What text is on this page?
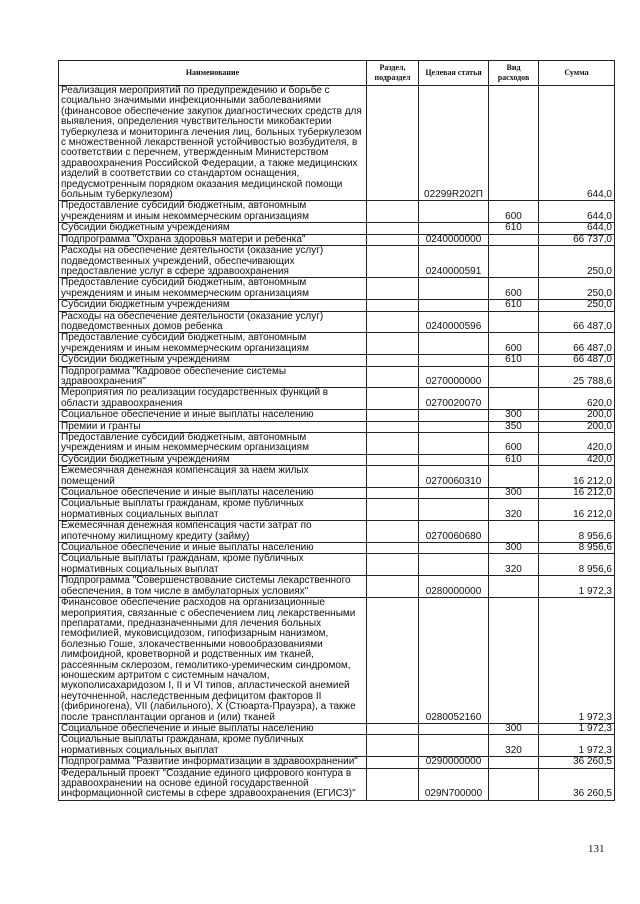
Наименование	Раздел, подраздел	Целевая статья	Вид расходов	Сумма
Реализация мероприятий по предупреждению и борьбе с социально значимыми инфекционными заболеваниями (финансовое обеспечение закупок диагностических средств для выявления, определения чувствительности микобактерии туберкулеза и мониторинга лечения лиц, больных туберкулезом с множественной лекарственной устойчивостью возбудителя, в соответствии с перечнем, утвержденным Министерством здравоохранения Российской Федерации, а также медицинских изделий в соответствии со стандартом оснащения, предусмотренным порядком оказания медицинской помощи больным туберкулезом)		02299R202П		644,0
Предоставление субсидий бюджетным, автономным учреждениям и иным некоммерческим организациям			600	644,0
Субсидии бюджетным учреждениям			610	644,0
Подпрограмма "Охрана здоровья матери и ребенка"		0240000000		66 737,0
Расходы на обеспечение деятельности (оказание услуг) подведомственных учреждений, обеспечивающих предоставление услуг в сфере здравоохранения		0240000591		250,0
Предоставление субсидий бюджетным, автономным учреждениям и иным некоммерческим организациям			600	250,0
Субсидии бюджетным учреждениям			610	250,0
Расходы на обеспечение деятельности (оказание услуг) подведомственных домов ребенка		0240000596		66 487,0
Предоставление субсидий бюджетным, автономным учреждениям и иным некоммерческим организациям			600	66 487,0
Субсидии бюджетным учреждениям			610	66 487,0
Подпрограмма "Кадровое обеспечение системы здравоохранения"		0270000000		25 788,6
Мероприятия по реализации государственных функций в области здравоохранения		0270020070		620,0
Социальное обеспечение и иные выплаты населению			300	200,0
Премии и гранты			350	200,0
Предоставление субсидий бюджетным, автономным учреждениям и иным некоммерческим организациям			600	420,0
Субсидии бюджетным учреждениям			610	420,0
Ежемесячная денежная компенсация за наем жилых помещений		0270060310		16 212,0
Социальное обеспечение и иные выплаты населению			300	16 212,0
Социальные выплаты гражданам, кроме публичных нормативных социальных выплат			320	16 212,0
Ежемесячная денежная компенсация части затрат по ипотечному жилищному кредиту (займу)		0270060680		8 956,6
Социальное обеспечение и иные выплаты населению			300	8 956,6
Социальные выплаты гражданам, кроме публичных нормативных социальных выплат			320	8 956,6
Подпрограмма "Совершенствование системы лекарственного обеспечения, в том числе в амбулаторных условиях"		0280000000		1 972,3
Финансовое обеспечение расходов на организационные мероприятия, связанные с обеспечением лиц лекарственными препаратами, предназначенными для лечения больных гемофилией, муковисцидозом, гипофизарным нанизмом, болезнью Гоше, злокачественными новообразованиями лимфоидной, кроветворной и родственных им тканей, рассеянным склерозом, гемолитико-уремическим синдромом, юношеским артритом с системным началом, мукополисахаридозом I, II и VI типов, апластической анемией неуточненной, наследственным дефицитом факторов II (фибриногена), VII (лабильного), X (Стюарта-Прауэра), а также после трансплантации органов и (или) тканей		0280052160		1 972,3
Социальное обеспечение и иные выплаты населению			300	1 972,3
Социальные выплаты гражданам, кроме публичных нормативных социальных выплат			320	1 972,3
Подпрограмма "Развитие информатизации в здравоохранении"		0290000000		36 260,5
Федеральный проект "Создание единого цифрового контура в здравоохранении на основе единой государственной информационной системы в сфере здравоохранения (ЕГИСЗ)"		029N700000		36 260,5
131
